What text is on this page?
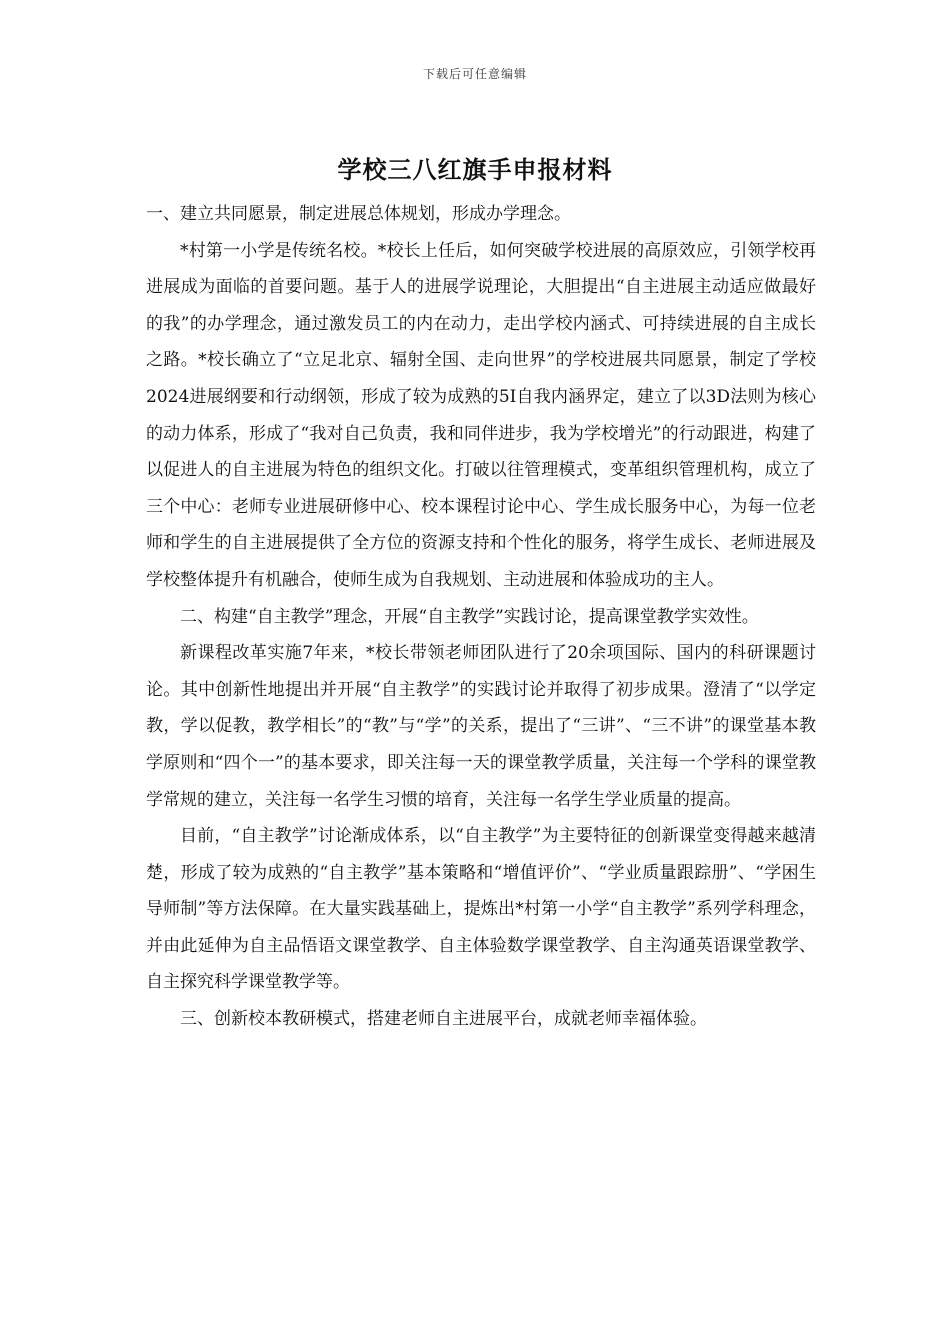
下载后可任意编辑
学校三八红旗手申报材料

一、建立共同愿景，制定进展总体规划，形成办学理念。

*村第一小学是传统名校。*校长上任后，如何突破学校进展的高原效应，引领学校再进展成为面临的首要问题。基于人的进展学说理论，大胆提出“自主进展主动适应做最好的我”的办学理念，通过激发员工的内在动力，走出学校内涵式、可持续进展的自主成长之路。*校长确立了“立足北京、辐射全国、走向世界”的学校进展共同愿景，制定了学校2024进展纲要和行动纲领，形成了较为成熟的5I自我内涵界定，建立了以3D法则为核心的动力体系，形成了“我对自己负责，我和同伴进步，我为学校增光”的行动跟进，构建了以促进人的自主进展为特色的组织文化。打破以往管理模式，变革组织管理机构，成立了三个中心：老师专业进展研修中心、校本课程讨论中心、学生成长服务中心，为每一位老师和学生的自主进展提供了全方位的资源支持和个性化的服务，将学生成长、老师进展及学校整体提升有机融合，使师生成为自我规划、主动进展和体验成功的主人。

二、构建“自主教学”理念，开展“自主教学”实践讨论，提高课堂教学实效性。

新课程改革实施7年来，*校长带领老师团队进行了20余项国际、国内的科研课题讨论。其中创新性地提出并开展“自主教学”的实践讨论并取得了初步成果。澄清了“以学定教，学以促教，教学相长”的“教”与“学”的关系，提出了“三讲”、“三不讲”的课堂基本教学原则和“四个一”的基本要求，即关注每一天的课堂教学质量，关注每一个学科的课堂教学常规的建立，关注每一名学生习惯的培育，关注每一名学生学业质量的提高。

目前，“自主教学”讨论渐成体系，以“自主教学”为主要特征的创新课堂变得越来越清楚，形成了较为成熟的“自主教学”基本策略和“增值评价”、“学业质量跟踪册”、“学困生导师制”等方法保障。在大量实践基础上，提炼出*村第一小学“自主教学”系列学科理念，并由此延伸为自主品悟语文课堂教学、自主体验数学课堂教学、自主沟通英语课堂教学、自主探究科学课堂教学等。

三、创新校本教研模式，搭建老师自主进展平台，成就老师幸福体验。
